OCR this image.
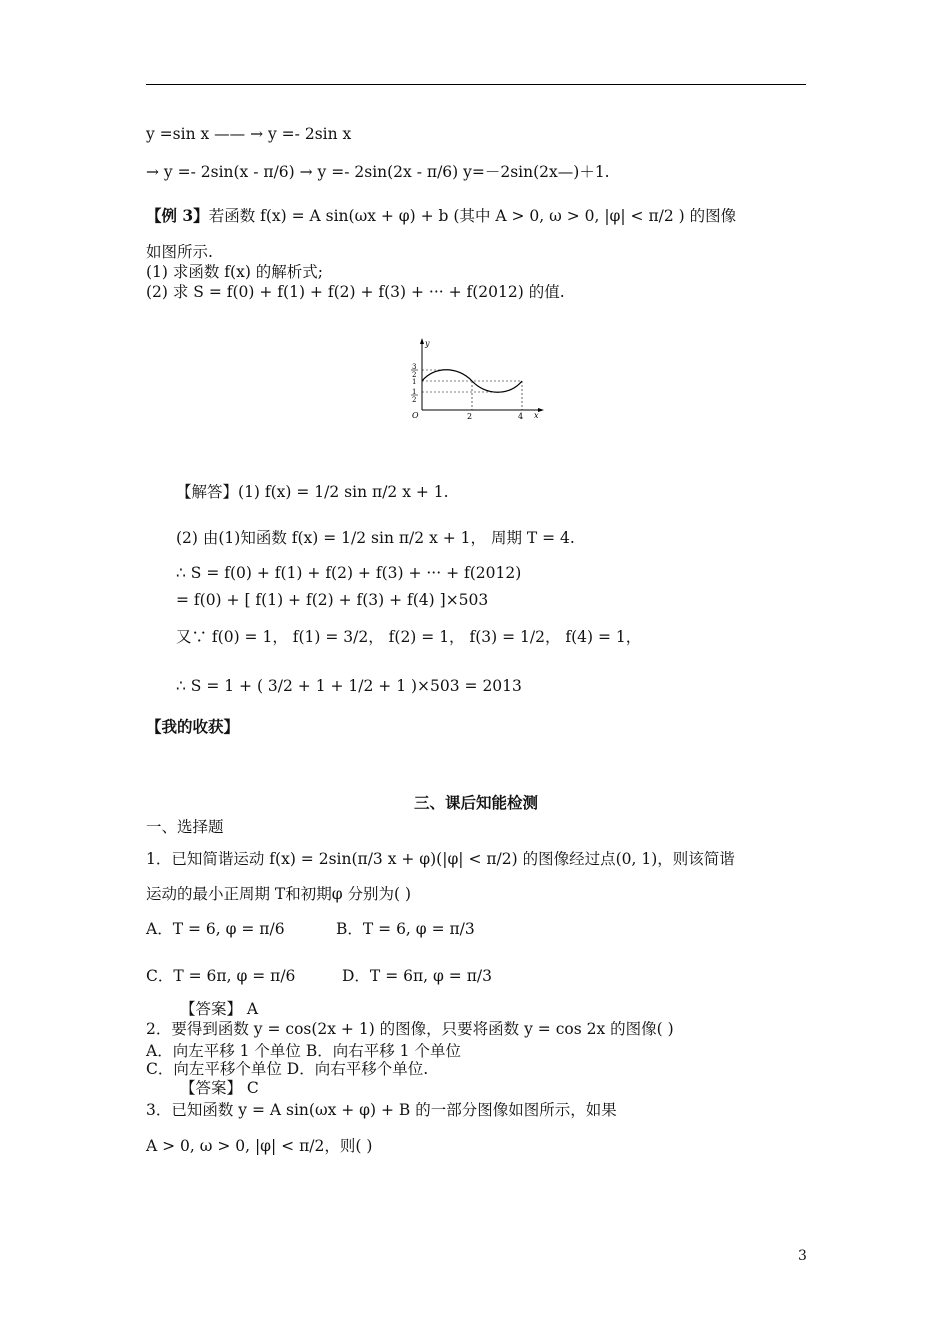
y =sin x —— → y =- 2sin x
→ y =- 2sin(x - π/6) → y =- 2sin(2x - π/6) y=－2sin(2x—)＋1.
【例 3】若函数 f(x) = A sin(ωx + φ) + b (其中 A > 0, ω > 0, |φ| < π/2 ) 的图像
如图所示.
(1) 求函数 f(x) 的解析式;
(2) 求 S = f(0) + f(1) + f(2) + f(3) + ··· + f(2012) 的值.
y
x
O	2	4
3
2
1
1
2
【解答】(1) f(x) = 1/2 sin π/2 x + 1.
(2) 由(1)知函数 f(x) = 1/2 sin π/2 x + 1， 周期 T = 4.
∴ S = f(0) + f(1) + f(2) + f(3) + ··· + f(2012)
= f(0) + [ f(1) + f(2) + f(3) + f(4) ]×503
又∵ f(0) = 1， f(1) = 3/2， f(2) = 1， f(3) = 1/2， f(4) = 1，
∴ S = 1 + ( 3/2 + 1 + 1/2 + 1 )×503 = 2013
【我的收获】
三、课后知能检测
一、选择题
1．已知简谐运动 f(x) = 2sin(π/3 x + φ)(|φ| < π/2) 的图像经过点(0, 1)，则该简谐
运动的最小正周期 T和初期φ 分别为( )
A．T = 6, φ = π/6	B．T = 6, φ = π/3
C．T = 6π, φ = π/6	D．T = 6π, φ = π/3
【答案】 A
2．要得到函数 y = cos(2x + 1) 的图像，只要将函数 y = cos 2x 的图像( )
A．向左平移 1 个单位 B．向右平移 1 个单位
C．向左平移个单位 D．向右平移个单位.
【答案】 C
3．已知函数 y = A sin(ωx + φ) + B 的一部分图像如图所示，如果
A > 0, ω > 0, |φ| < π/2，则( )
3
